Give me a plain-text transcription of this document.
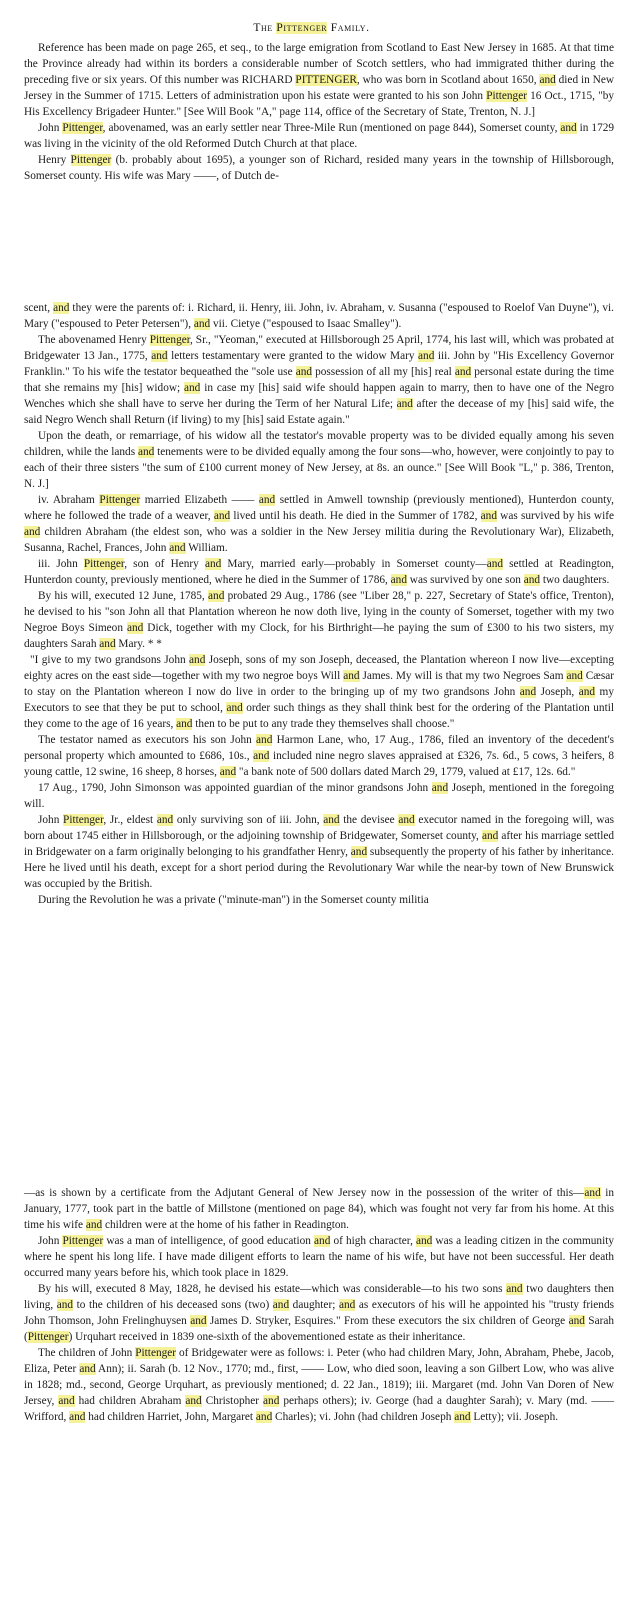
The Pittenger Family.

Reference has been made on page 265, et seq., to the large emigration from Scotland to East New Jersey in 1685. At that time the Province already had within its borders a considerable number of Scotch settlers, who had immigrated thither during the preceding five or six years. Of this number was RICHARD PITTENGER, who was born in Scotland about 1650, and died in New Jersey in the Summer of 1715. Letters of administration upon his estate were granted to his son John Pittenger 16 Oct., 1715, "by His Excellency Brigadeer Hunter." [See Will Book "A," page 114, office of the Secretary of State, Trenton, N. J.]

John Pittenger, abovenamed, was an early settler near Three-Mile Run (mentioned on page 844), Somerset county, and in 1729 was living in the vicinity of the old Reformed Dutch Church at that place.

Henry Pittenger (b. probably about 1695), a younger son of Richard, resided many years in the township of Hillsborough, Somerset county. His wife was Mary ——, of Dutch de-

scent, and they were the parents of: i. Richard, ii. Henry, iii. John, iv. Abraham, v. Susanna ("espoused to Roelof Van Duyne"), vi. Mary ("espoused to Peter Petersen"), and vii. Cietye ("espoused to Isaac Smalley").

The abovenamed Henry Pittenger, Sr., "Yeoman," executed at Hillsborough 25 April, 1774, his last will, which was probated at Bridgewater 13 Jan., 1775, and letters testamentary were granted to the widow Mary and iii. John by "His Excellency Governor Franklin." To his wife the testator bequeathed the "sole use and possession of all my [his] real and personal estate during the time that she remains my [his] widow; and in case my [his] said wife should happen again to marry, then to have one of the Negro Wenches which she shall have to serve her during the Term of her Natural Life; and after the decease of my [his] said wife, the said Negro Wench shall Return (if living) to my [his] said Estate again."

Upon the death, or remarriage, of his widow all the testator's movable property was to be divided equally among his seven children, while the lands and tenements were to be divided equally among the four sons—who, however, were conjointly to pay to each of their three sisters "the sum of £100 current money of New Jersey, at 8s. an ounce." [See Will Book "L," p. 386, Trenton, N. J.]

iv. Abraham Pittenger married Elizabeth —— and settled in Amwell township (previously mentioned), Hunterdon county, where he followed the trade of a weaver, and lived until his death. He died in the Summer of 1782, and was survived by his wife and children Abraham (the eldest son, who was a soldier in the New Jersey militia during the Revolutionary War), Elizabeth, Susanna, Rachel, Frances, John and William.

iii. John Pittenger, son of Henry and Mary, married early—probably in Somerset county—and settled at Readington, Hunterdon county, previously mentioned, where he died in the Summer of 1786, and was survived by one son and two daughters.

By his will, executed 12 June, 1785, and probated 29 Aug., 1786 (see "Liber 28," p. 227, Secretary of State's office, Trenton), he devised to his "son John all that Plantation whereon he now doth live, lying in the county of Somerset, together with my two Negroe Boys Simeon and Dick, together with my Clock, for his Birthright—he paying the sum of £300 to his two sisters, my daughters Sarah and Mary. * *

"I give to my two grandsons John and Joseph, sons of my son Joseph, deceased, the Plantation whereon I now live—excepting eighty acres on the east side—together with my two negroe boys Will and James. My will is that my two Negroes Sam and Cæsar to stay on the Plantation whereon I now do live in order to the bringing up of my two grandsons John and Joseph, and my Executors to see that they be put to school, and order such things as they shall think best for the ordering of the Plantation until they come to the age of 16 years, and then to be put to any trade they themselves shall choose."

The testator named as executors his son John and Harmon Lane, who, 17 Aug., 1786, filed an inventory of the decedent's personal property which amounted to £686, 10s., and included nine negro slaves appraised at £326, 7s. 6d., 5 cows, 3 heifers, 8 young cattle, 12 swine, 16 sheep, 8 horses, and "a bank note of 500 dollars dated March 29, 1779, valued at £17, 12s. 6d."

17 Aug., 1790, John Simonson was appointed guardian of the minor grandsons John and Joseph, mentioned in the foregoing will.

John Pittenger, Jr., eldest and only surviving son of iii. John, and the devisee and executor named in the foregoing will, was born about 1745 either in Hillsborough, or the adjoining township of Bridgewater, Somerset county, and after his marriage settled in Bridgewater on a farm originally belonging to his grandfather Henry, and subsequently the property of his father by inheritance. Here he lived until his death, except for a short period during the Revolutionary War while the near-by town of New Brunswick was occupied by the British.

During the Revolution he was a private ("minute-man") in the Somerset county militia

—as is shown by a certificate from the Adjutant General of New Jersey now in the possession of the writer of this—and in January, 1777, took part in the battle of Millstone (mentioned on page 84), which was fought not very far from his home. At this time his wife and children were at the home of his father in Readington.

John Pittenger was a man of intelligence, of good education and of high character, and was a leading citizen in the community where he spent his long life. I have made diligent efforts to learn the name of his wife, but have not been successful. Her death occurred many years before his, which took place in 1829.

By his will, executed 8 May, 1828, he devised his estate—which was considerable—to his two sons and two daughters then living, and to the children of his deceased sons (two) and daughter; and as executors of his will he appointed his "trusty friends John Thomson, John Frelinghuysen and James D. Stryker, Esquires." From these executors the six children of George and Sarah (Pittenger) Urquhart received in 1839 one-sixth of the abovementioned estate as their inheritance.

The children of John Pittenger of Bridgewater were as follows: i. Peter (who had children Mary, John, Abraham, Phebe, Jacob, Eliza, Peter and Ann); ii. Sarah (b. 12 Nov., 1770; md., first, —— Low, who died soon, leaving a son Gilbert Low, who was alive in 1828; md., second, George Urquhart, as previously mentioned; d. 22 Jan., 1819); iii. Margaret (md. John Van Doren of New Jersey, and had children Abraham and Christopher and perhaps others); iv. George (had a daughter Sarah); v. Mary (md. —— Wrifford, and had children Harriet, John, Margaret and Charles); vi. John (had children Joseph and Letty); vii. Joseph.
